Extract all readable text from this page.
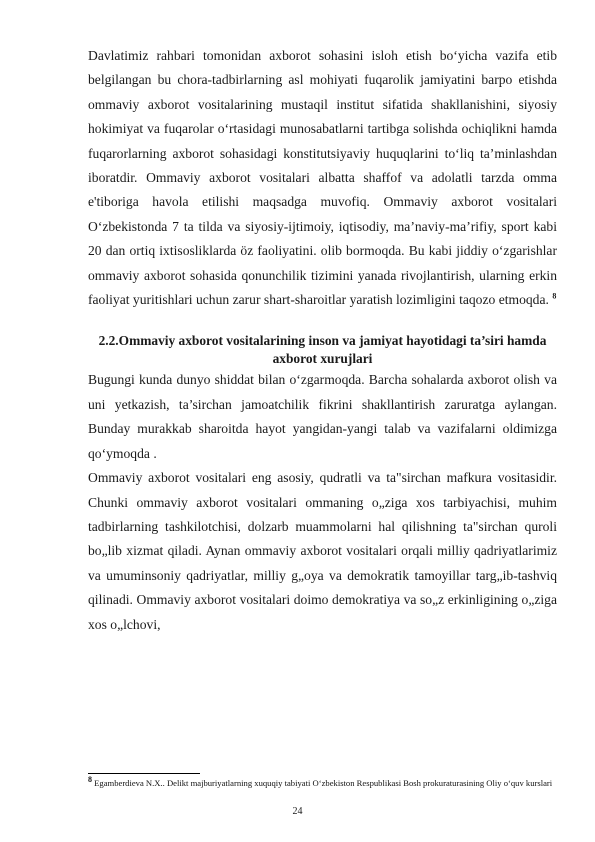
Davlatimiz rahbari tomonidan axborot sohasini isloh etish bo‘yicha vazifa etib belgilangan bu chora-tadbirlarning asl mohiyati fuqarolik jamiyatini barpo etishda ommaviy axborot vositalarining mustaqil institut sifatida shakllanishini, siyosiy hokimiyat va fuqarolar o‘rtasidagi munosabatlarni tartibga solishda ochiqlikni hamda fuqarorlarning axborot sohasidagi konstitutsiyaviy huquqlarini to‘liq ta’minlashdan iboratdir. Ommaviy axborot vositalari albatta shaffof va adolatli tarzda omma e'tiboriga havola etilishi maqsadga muvofiq. Ommaviy axborot vositalari O‘zbekistonda 7 ta tilda va siyosiy-ijtimoiy, iqtisodiy, ma’naviy-ma’rifiy, sport kabi 20 dan ortiq ixtisosliklarda öz faoliyatini. olib bormoqda. Bu kabi jiddiy o‘zgarishlar ommaviy axborot sohasida qonunchilik tizimini yanada rivojlantirish, ularning erkin faoliyat yuritishlari uchun zarur shart-sharoitlar yaratish lozimligini taqozo etmoqda. $^8$

2.2.Ommaviy axborot vositalarining inson va jamiyat hayotidagi ta’siri hamda axborot xurujlari

Bugungi kunda dunyo shiddat bilan o‘zgarmoqda. Barcha sohalarda axborot olish va uni yetkazish, ta’sirchan jamoatchilik fikrini shakllantirish zaruratga aylangan. Bunday murakkab sharoitda hayot yangidan-yangi talab va vazifalarni oldimizga qo‘ymoqda .

Ommaviy axborot vositalari eng asosiy, qudratli va ta"sirchan mafkura vositasidir. Chunki ommaviy axborot vositalari ommaning o„ziga xos tarbiyachisi, muhim tadbirlarning tashkilotchisi, dolzarb muammolarni hal qilishning ta"sirchan quroli bo„lib xizmat qiladi. Aynan ommaviy axborot vositalari orqali milliy qadriyatlarimiz va umuminsoniy qadriyatlar, milliy g„oya va demokratik tamoyillar targ„ib-tashviq qilinadi. Ommaviy axborot vositalari doimo demokratiya va so„z erkinligining o„ziga xos o„lchovi,

8 Egamberdieva N.X.. Delikt majburiyatlarning xuquqiy tabiyati O‘zbekiston Respublikasi Bosh prokuraturasining Oliy o‘quv kurslari
24
